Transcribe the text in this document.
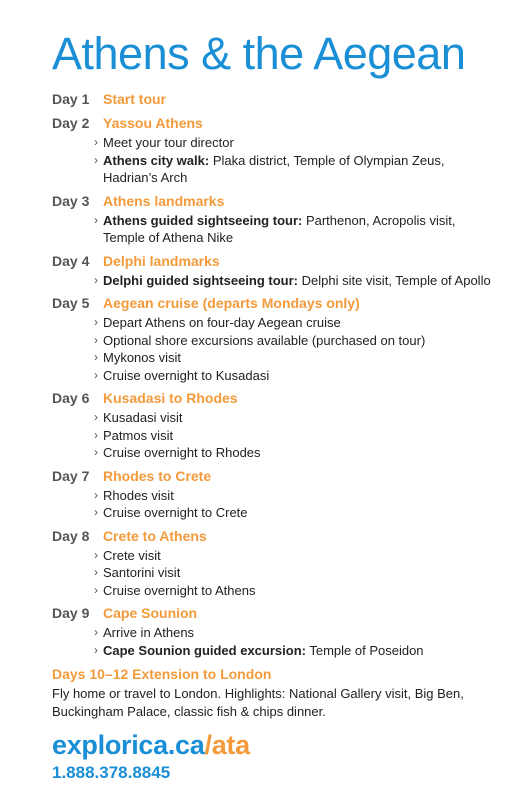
Athens & the Aegean
Day 1 Start tour
Day 2 Yassou Athens
› Meet your tour director
› Athens city walk: Plaka district, Temple of Olympian Zeus, Hadrian’s Arch
Day 3 Athens landmarks
› Athens guided sightseeing tour: Parthenon, Acropolis visit, Temple of Athena Nike
Day 4 Delphi landmarks
› Delphi guided sightseeing tour: Delphi site visit, Temple of Apollo
Day 5 Aegean cruise (departs Mondays only)
› Depart Athens on four-day Aegean cruise
› Optional shore excursions available (purchased on tour)
› Mykonos visit
› Cruise overnight to Kusadasi
Day 6 Kusadasi to Rhodes
› Kusadasi visit
› Patmos visit
› Cruise overnight to Rhodes
Day 7 Rhodes to Crete
› Rhodes visit
› Cruise overnight to Crete
Day 8 Crete to Athens
› Crete visit
› Santorini visit
› Cruise overnight to Athens
Day 9 Cape Sounion
› Arrive in Athens
› Cape Sounion guided excursion: Temple of Poseidon
Days 10–12 Extension to London
Fly home or travel to London. Highlights: National Gallery visit, Big Ben, Buckingham Palace, classic fish & chips dinner.
explorica.ca/ata
1.888.378.8845
